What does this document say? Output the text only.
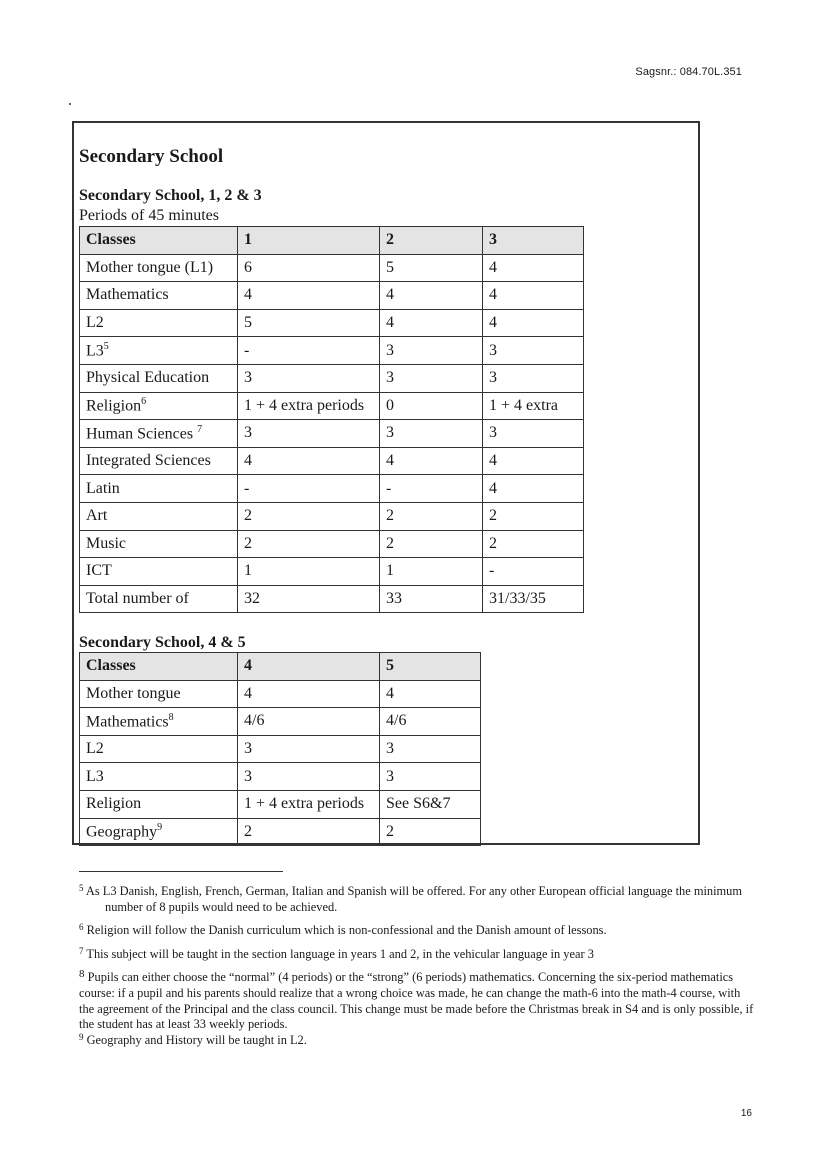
Sagsnr.: 084.70L.351
Secondary School
Secondary School, 1, 2 & 3
Periods of 45 minutes
Classes	1	2	3
Mother tongue (L1)	6	5	4
Mathematics	4	4	4
L2	5	4	4
$L3^5$	-	3	3
Physical Education	3	3	3
Religion$^6$	1 + 4 extra periods	0	1 + 4 extra
Human Sciences $^7$	3	3	3
Integrated Sciences	4	4	4
Latin	-	-	4
Art	2	2	2
Music	2	2	2
ICT	1	1	-
Total number of	32	33	31/33/35
Secondary School, 4 & 5
Classes	4	5
Mother tongue	4	4
Mathematics$^8$	4/6	4/6
L2	3	3
L3	3	3
Religion	1 + 4 extra periods	See S6&7
Geography$^9$	2	2

$^5$ As L3 Danish, English, French, German, Italian and Spanish will be offered. For any other European official language the minimum number of 8 pupils would need to be achieved.

$^6$ Religion will follow the Danish curriculum which is non-confessional and the Danish amount of lessons.

$^7$ This subject will be taught in the section language in years 1 and 2, in the vehicular language in year 3

$^8$ Pupils can either choose the “normal” (4 periods) or the “strong” (6 periods) mathematics. Concerning the six-period mathematics course: if a pupil and his parents should realize that a wrong choice was made, he can change the math-6 into the math-4 course, with the agreement of the Principal and the class council. This change must be made before the Christmas break in S4 and is only possible, if the student has at least 33 weekly periods.

$^9$ Geography and History will be taught in L2.

16
